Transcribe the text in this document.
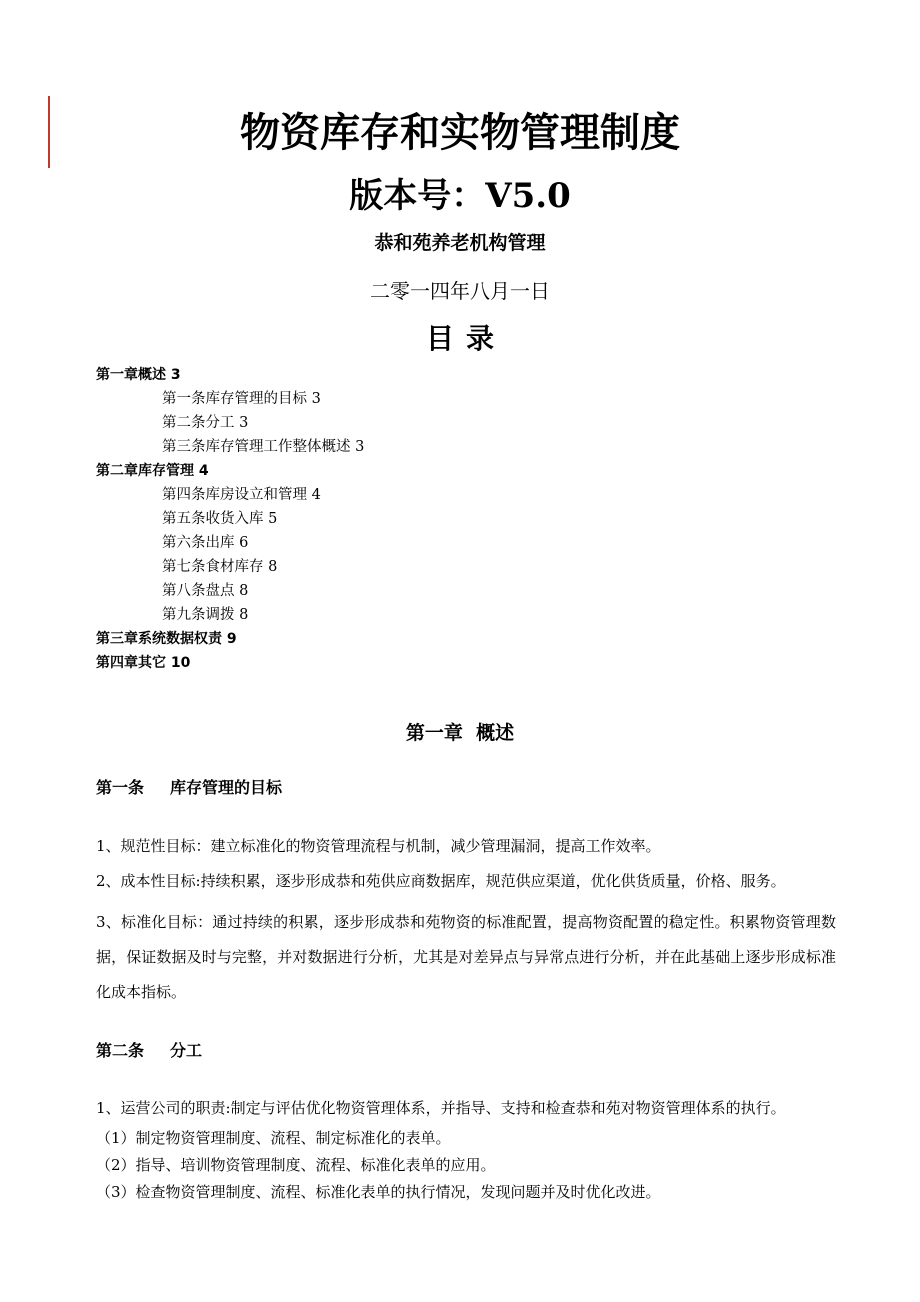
物资库存和实物管理制度
版本号：V5.0
恭和苑养老机构管理
二零一四年八月一日
目录
第一章概述 3
第一条库存管理的目标 3
第二条分工 3
第三条库存管理工作整体概述 3
第二章库存管理 4
第四条库房设立和管理 4
第五条收货入库 5
第六条出库 6
第七条食材库存 8
第八条盘点 8
第九条调拨 8
第三章系统数据权责 9
第四章其它 10
第一章  概述
第一条 库存管理的目标

1、规范性目标：建立标准化的物资管理流程与机制，减少管理漏洞，提高工作效率。

2、成本性目标:持续积累，逐步形成恭和苑供应商数据库，规范供应渠道，优化供货质量，价格、服务。

3、标准化目标：通过持续的积累，逐步形成恭和苑物资的标准配置，提高物资配置的稳定性。积累物资管理数据，保证数据及时与完整，并对数据进行分析，尤其是对差异点与异常点进行分析，并在此基础上逐步形成标准化成本指标。

第二条 分工

1、运营公司的职责:制定与评估优化物资管理体系，并指导、支持和检查恭和苑对物资管理体系的执行。

（1）制定物资管理制度、流程、制定标准化的表单。

（2）指导、培训物资管理制度、流程、标准化表单的应用。

（3）检查物资管理制度、流程、标准化表单的执行情况，发现问题并及时优化改进。
